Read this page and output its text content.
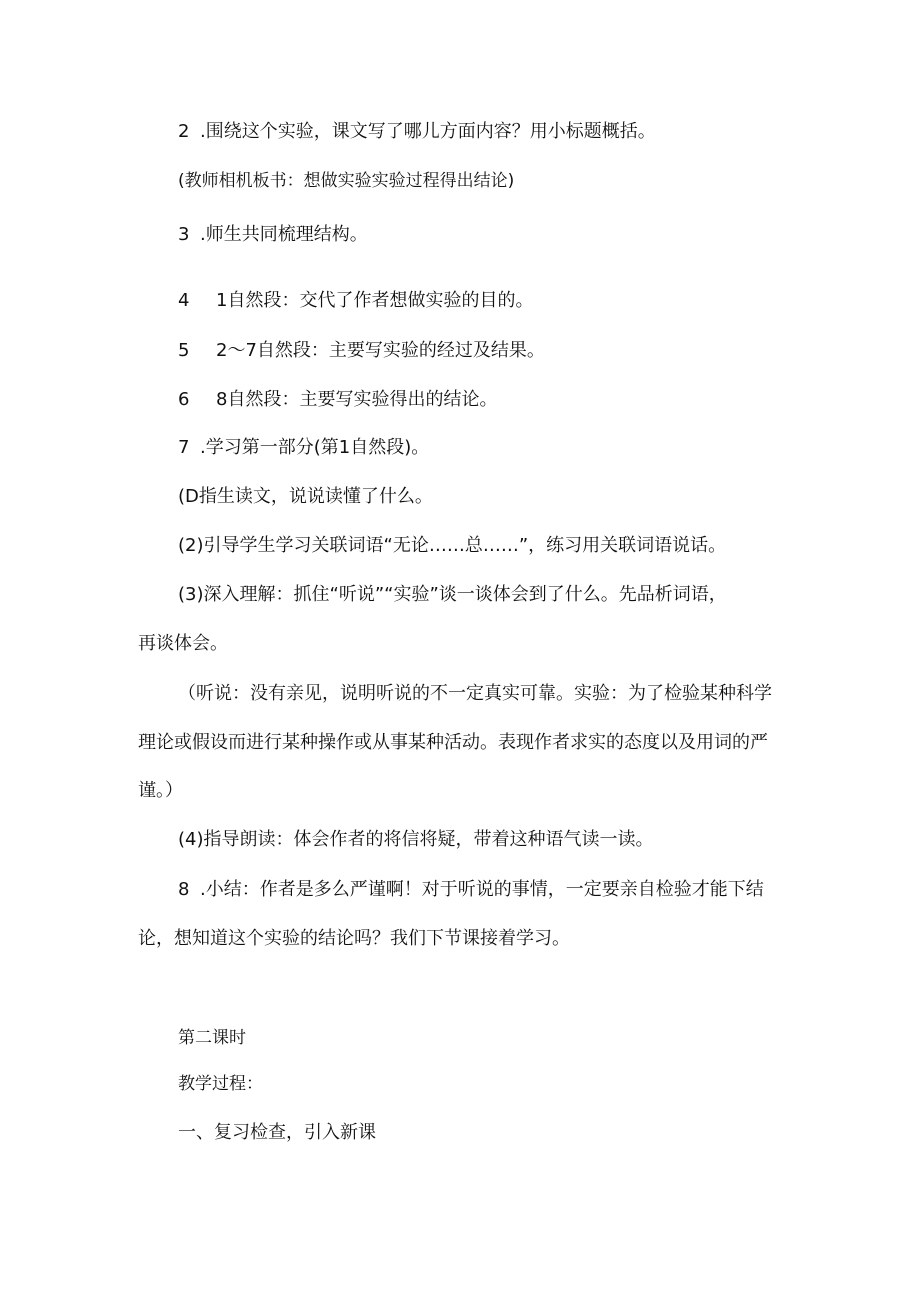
2 .围绕这个实验，课文写了哪儿方面内容？用小标题概括。
(教师相机板书：想做实验实验过程得出结论)
3 .师生共同梳理结构。
4 1自然段：交代了作者想做实验的目的。
5 2〜7自然段：主要写实验的经过及结果。
6 8自然段：主要写实验得出的结论。
7 .学习第一部分(第1自然段)。
(D指生读文，说说读懂了什么。
(2)引导学生学习关联词语“无论……总……”，练习用关联词语说话。
(3)深入理解：抓住“听说”“实验”谈一谈体会到了什么。先品析词语，
再谈体会。
（听说：没有亲见，说明听说的不一定真实可靠。实验：为了检验某种科学
理论或假设而进行某种操作或从事某种活动。表现作者求实的态度以及用词的严
谨。）
(4)指导朗读：体会作者的将信将疑，带着这种语气读一读。
8 .小结：作者是多么严谨啊！对于听说的事情，一定要亲自检验才能下结
论，想知道这个实验的结论吗？我们下节课接着学习。
第二课时
教学过程：
一、复习检查，引入新课
